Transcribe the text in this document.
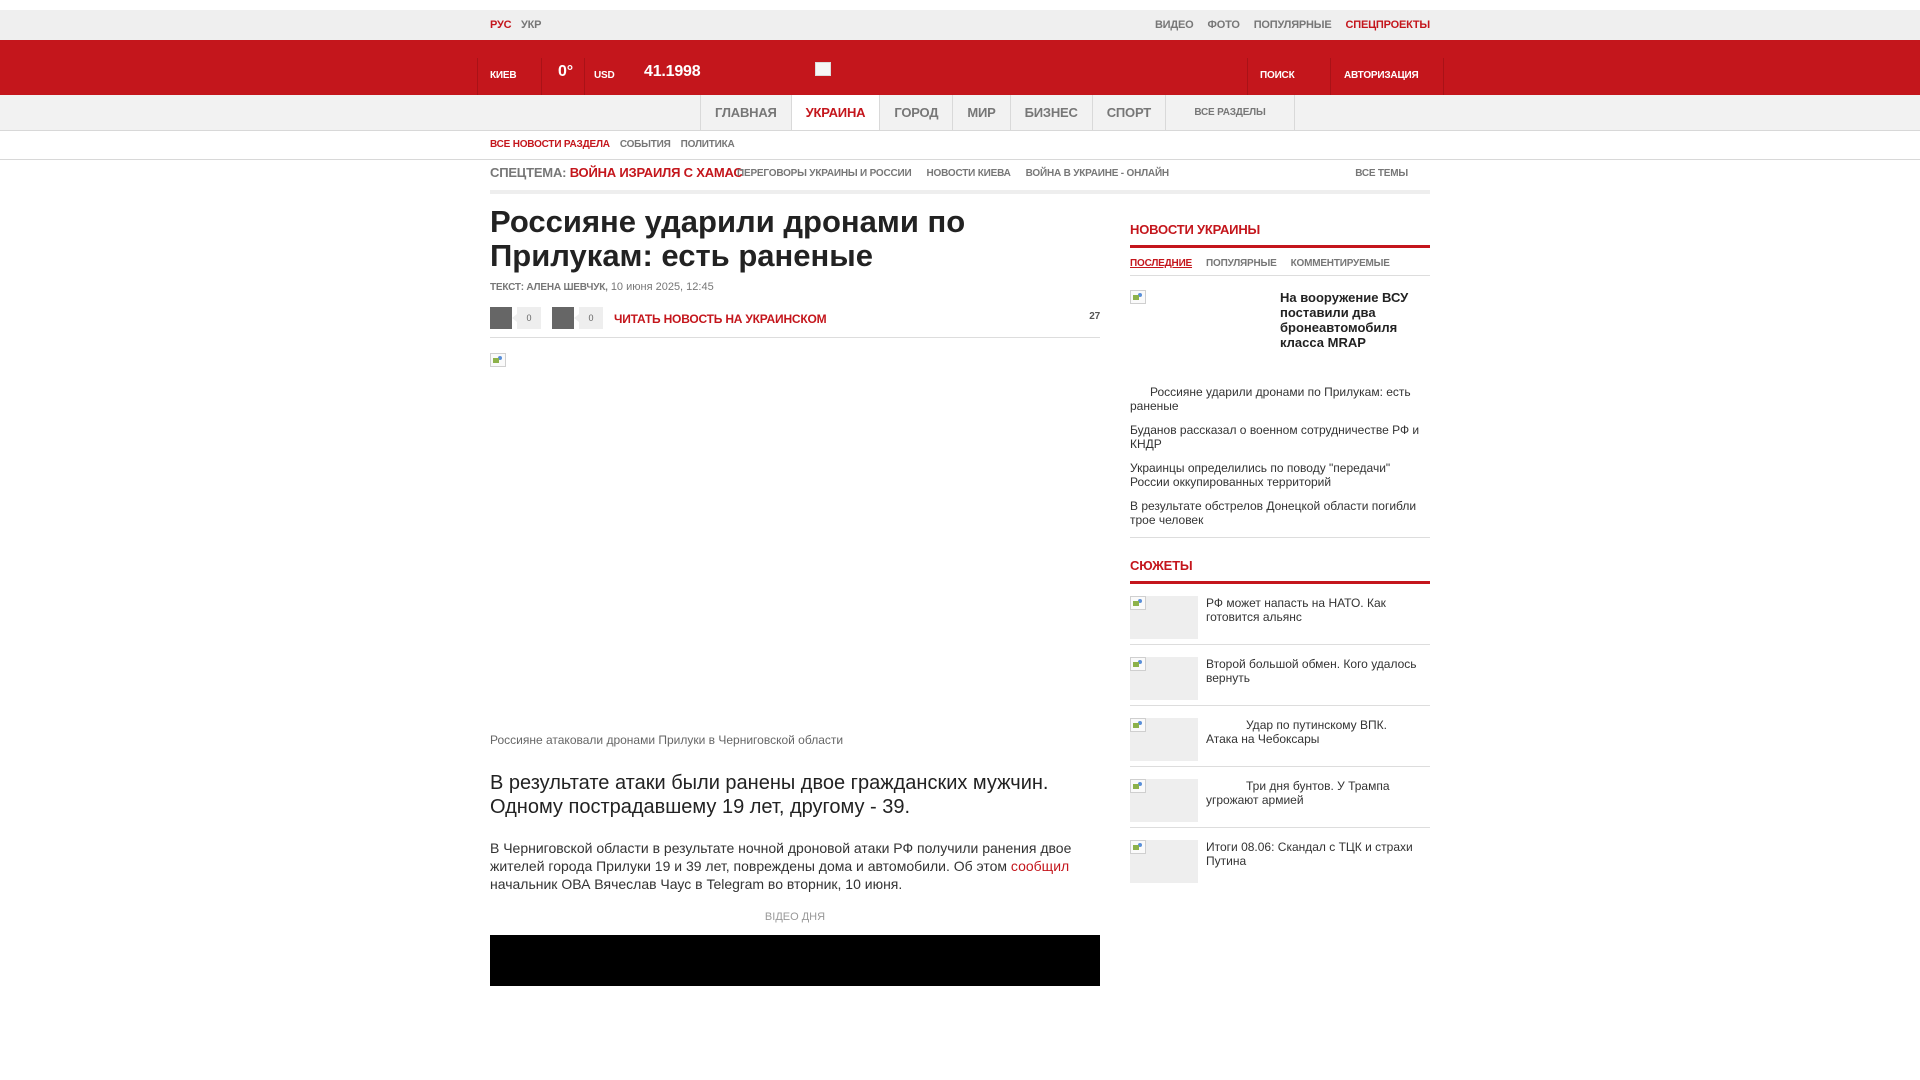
РУС УКР	ВИДЕО ФОТО ПОПУЛЯРНЫЕ СПЕЦПРОЕКТЫ
КИЕВ	0° USD 41.1998	ПОИСК	АВТОРИЗАЦИЯ
ГЛАВНАЯ	УКРАИНА	ГОРОД	МИР	БИЗНЕС	СПОРТ	ВСЕ РАЗДЕЛЫ
ВСЕ НОВОСТИ РАЗДЕЛА СОБЫТИЯ ПОЛИТИКА
СПЕЦТЕМА: ВОЙНА ИЗРАИЛЯ С ХАМАС
ПЕРЕГОВОРЫ УКРАИНЫ И РОССИИ НОВОСТИ КИЕВА ВОЙНА В УКРАИНЕ - ОНЛАЙН	ВСЕ ТЕМЫ
Россияне ударили дронами по Прилукам: есть раненые
ТЕКСТ: АЛЕНА ШЕВЧУК, 10 июня 2025, 12:45
0	0	ЧИТАТЬ НОВОСТЬ НА УКРАИНСКОМ	27
Россияне атаковали дронами Прилуки в Черниговской области
В результате атаки были ранены двое гражданских мужчин. Одному пострадавшему 19 лет, другому - 39.
В Черниговской области в результате ночной дроновой атаки РФ получили ранения двое жителей города Прилуки 19 и 39 лет, повреждены дома и автомобили. Об этом сообщил начальник ОВА Вячеслав Чаус в Telegram во вторник, 10 июня.
ВІДЕО ДНЯ
НОВОСТИ УКРАИНЫ
ПОСЛЕДНИЕ ПОПУЛЯРНЫЕ КОММЕНТИРУЕМЫЕ
На вооружение ВСУ поставили два бронеавтомобиля класса MRAP
Россияне ударили дронами по Прилукам: есть раненые
Буданов рассказал о военном сотрудничестве РФ и КНДР
Украинцы определились по поводу "передачи" России оккупированных территорий
В результате обстрелов Донецкой области погибли трое человек
СЮЖЕТЫ
РФ может напасть на НАТО. Как готовится альянс
Второй большой обмен. Кого удалось вернуть
Удар по путинскому ВПК. Атака на Чебоксары
Три дня бунтов. У Трампа угрожают армией
Итоги 08.06: Скандал с ТЦК и страхи Путина
